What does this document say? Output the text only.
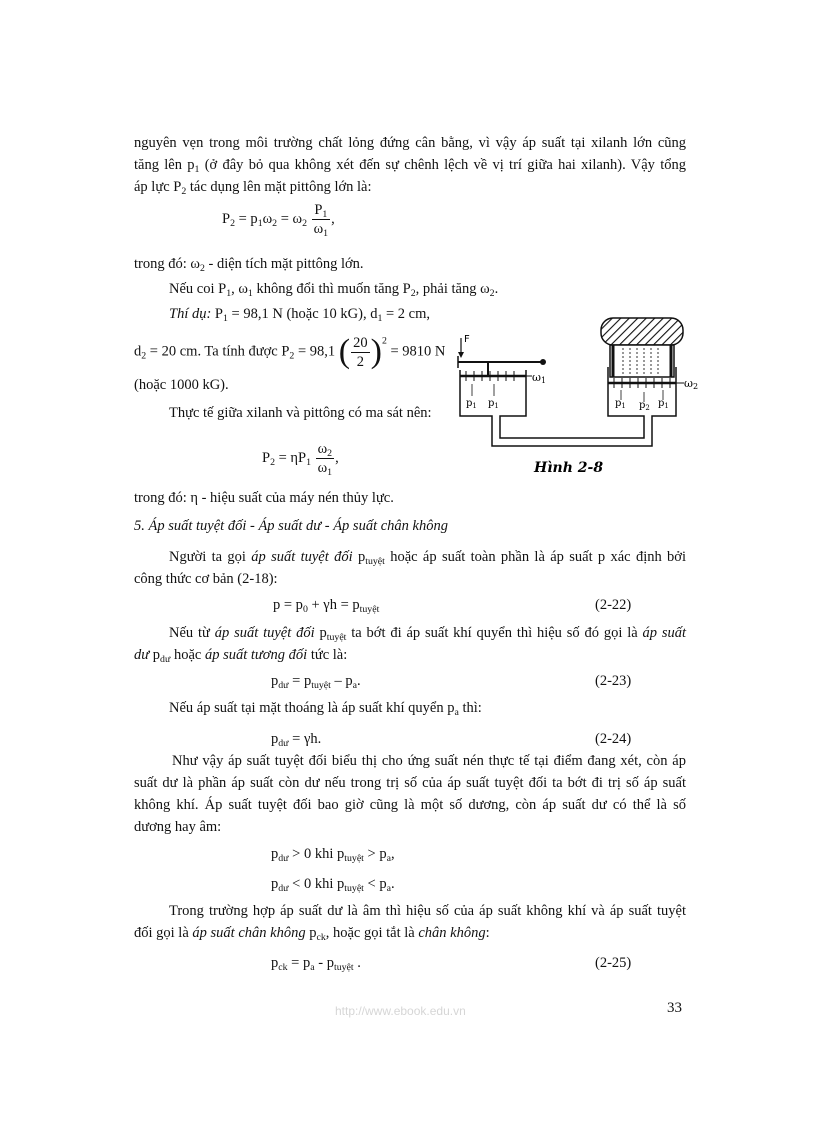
nguyên vẹn trong môi trường chất lỏng đứng cân bằng, vì vậy áp suất tại xilanh lớn cũng
tăng lên $p_1$ (ở đây bỏ qua không xét đến sự chênh lệch về vị trí giữa hai xilanh). Vậy tổng
áp lực $P_2$ tác dụng lên mặt pittông lớn là:
$P_2 = p_1\omega_2 = \omega_2 \frac{P_1}{\omega_1}$ ,
trong đó: $\omega_2$ - diện tích mặt pittông lớn.
Nếu coi $P_1$, $\omega_1$ không đổi thì muốn tăng $P_2$, phải tăng $\omega_2$.
Thí dụ: $P_1 = 98,1$ N (hoặc 10 kG), $d_1 = 2$ cm,
$d_2 = 20$ cm. Ta tính được $P_2 = 98,1$ ( $\frac{20}{2} )^2 = 9810$ N
(hoặc 1000 kG).
Thực tế giữa xilanh và pittông có ma sát nên:
$P_2 = \eta P_1 \frac{\omega_2}{\omega_1}$ ,
trong đó: η - hiệu suất của máy nén thủy lực.
5. Áp suất tuyệt đối - Áp suất dư - Áp suất chân không
Người ta gọi áp suất tuyệt đối $p_{tuyệt}$ hoặc áp suất toàn phần là áp suất p xác định bởi
công thức cơ bản (2-18):
$p = p_0 + \gamma h = p_{tuyệt}$	(2-22)
Nếu từ áp suất tuyệt đối $p_{tuyệt}$ ta bớt đi áp suất khí quyển thì hiệu số đó gọi là áp suất
dư $p_{dư}$ hoặc áp suất tương đối tức là:
$p_{dư} = p_{tuyệt} - p_a$.	(2-23)
Nếu áp suất tại mặt thoáng là áp suất khí quyển $p_a$ thì:
$p_{dư} = \gamma h$.	(2-24)
Như vậy áp suất tuyệt đối biểu thị cho ứng suất nén thực tế tại điểm đang xét, còn áp
suất dư là phần áp suất còn dư nếu trong trị số của áp suất tuyệt đối ta bớt đi trị số áp suất
không khí. Áp suất tuyệt đối bao giờ cũng là một số dương, còn áp suất dư có thể là số
dương hay âm:
$p_{dư} > 0$ khi $p_{tuyệt} > p_a$,
$p_{dư} < 0$ khi $p_{tuyệt} < p_a$.
Trong trường hợp áp suất dư là âm thì hiệu số của áp suất không khí và áp suất tuyệt
đối gọi là áp suất chân không $p_{ck}$, hoặc gọi tắt là chân không:
$p_{ck} = p_a - p_{tuyệt}$ .	(2-25)
ω2
$p_1$ $p_2$ $p_1$
F
ω1
$p_1$ $p_1$
Hình 2-8
http://www.ebook.edu.vn	33
